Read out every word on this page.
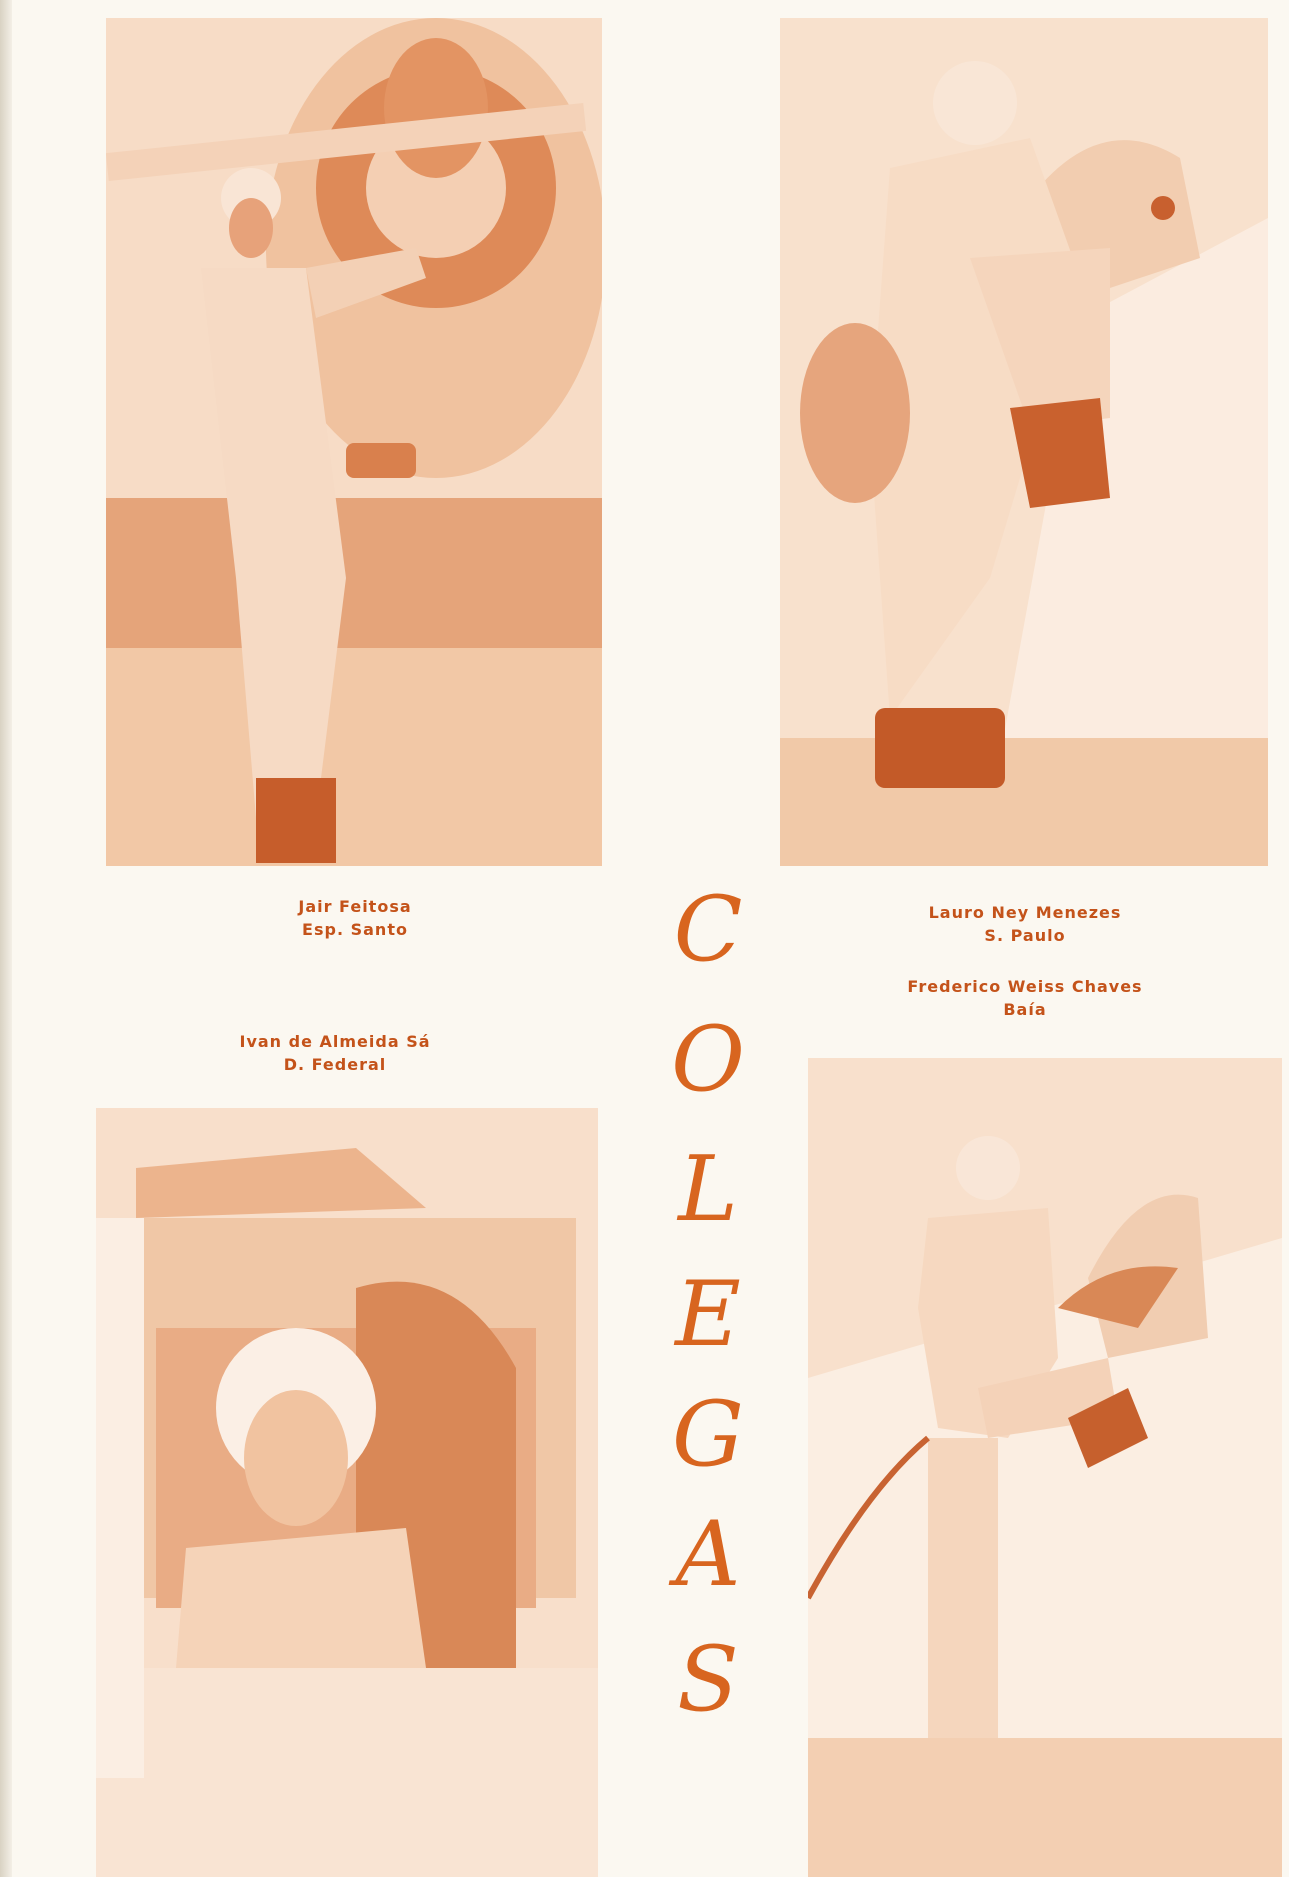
Jair Feitosa
Esp. Santo
Lauro Ney Menezes
S. Paulo
Frederico Weiss Chaves
Baía
Ivan de Almeida Sá
D. Federal
C
O
L
E
G
A
S
